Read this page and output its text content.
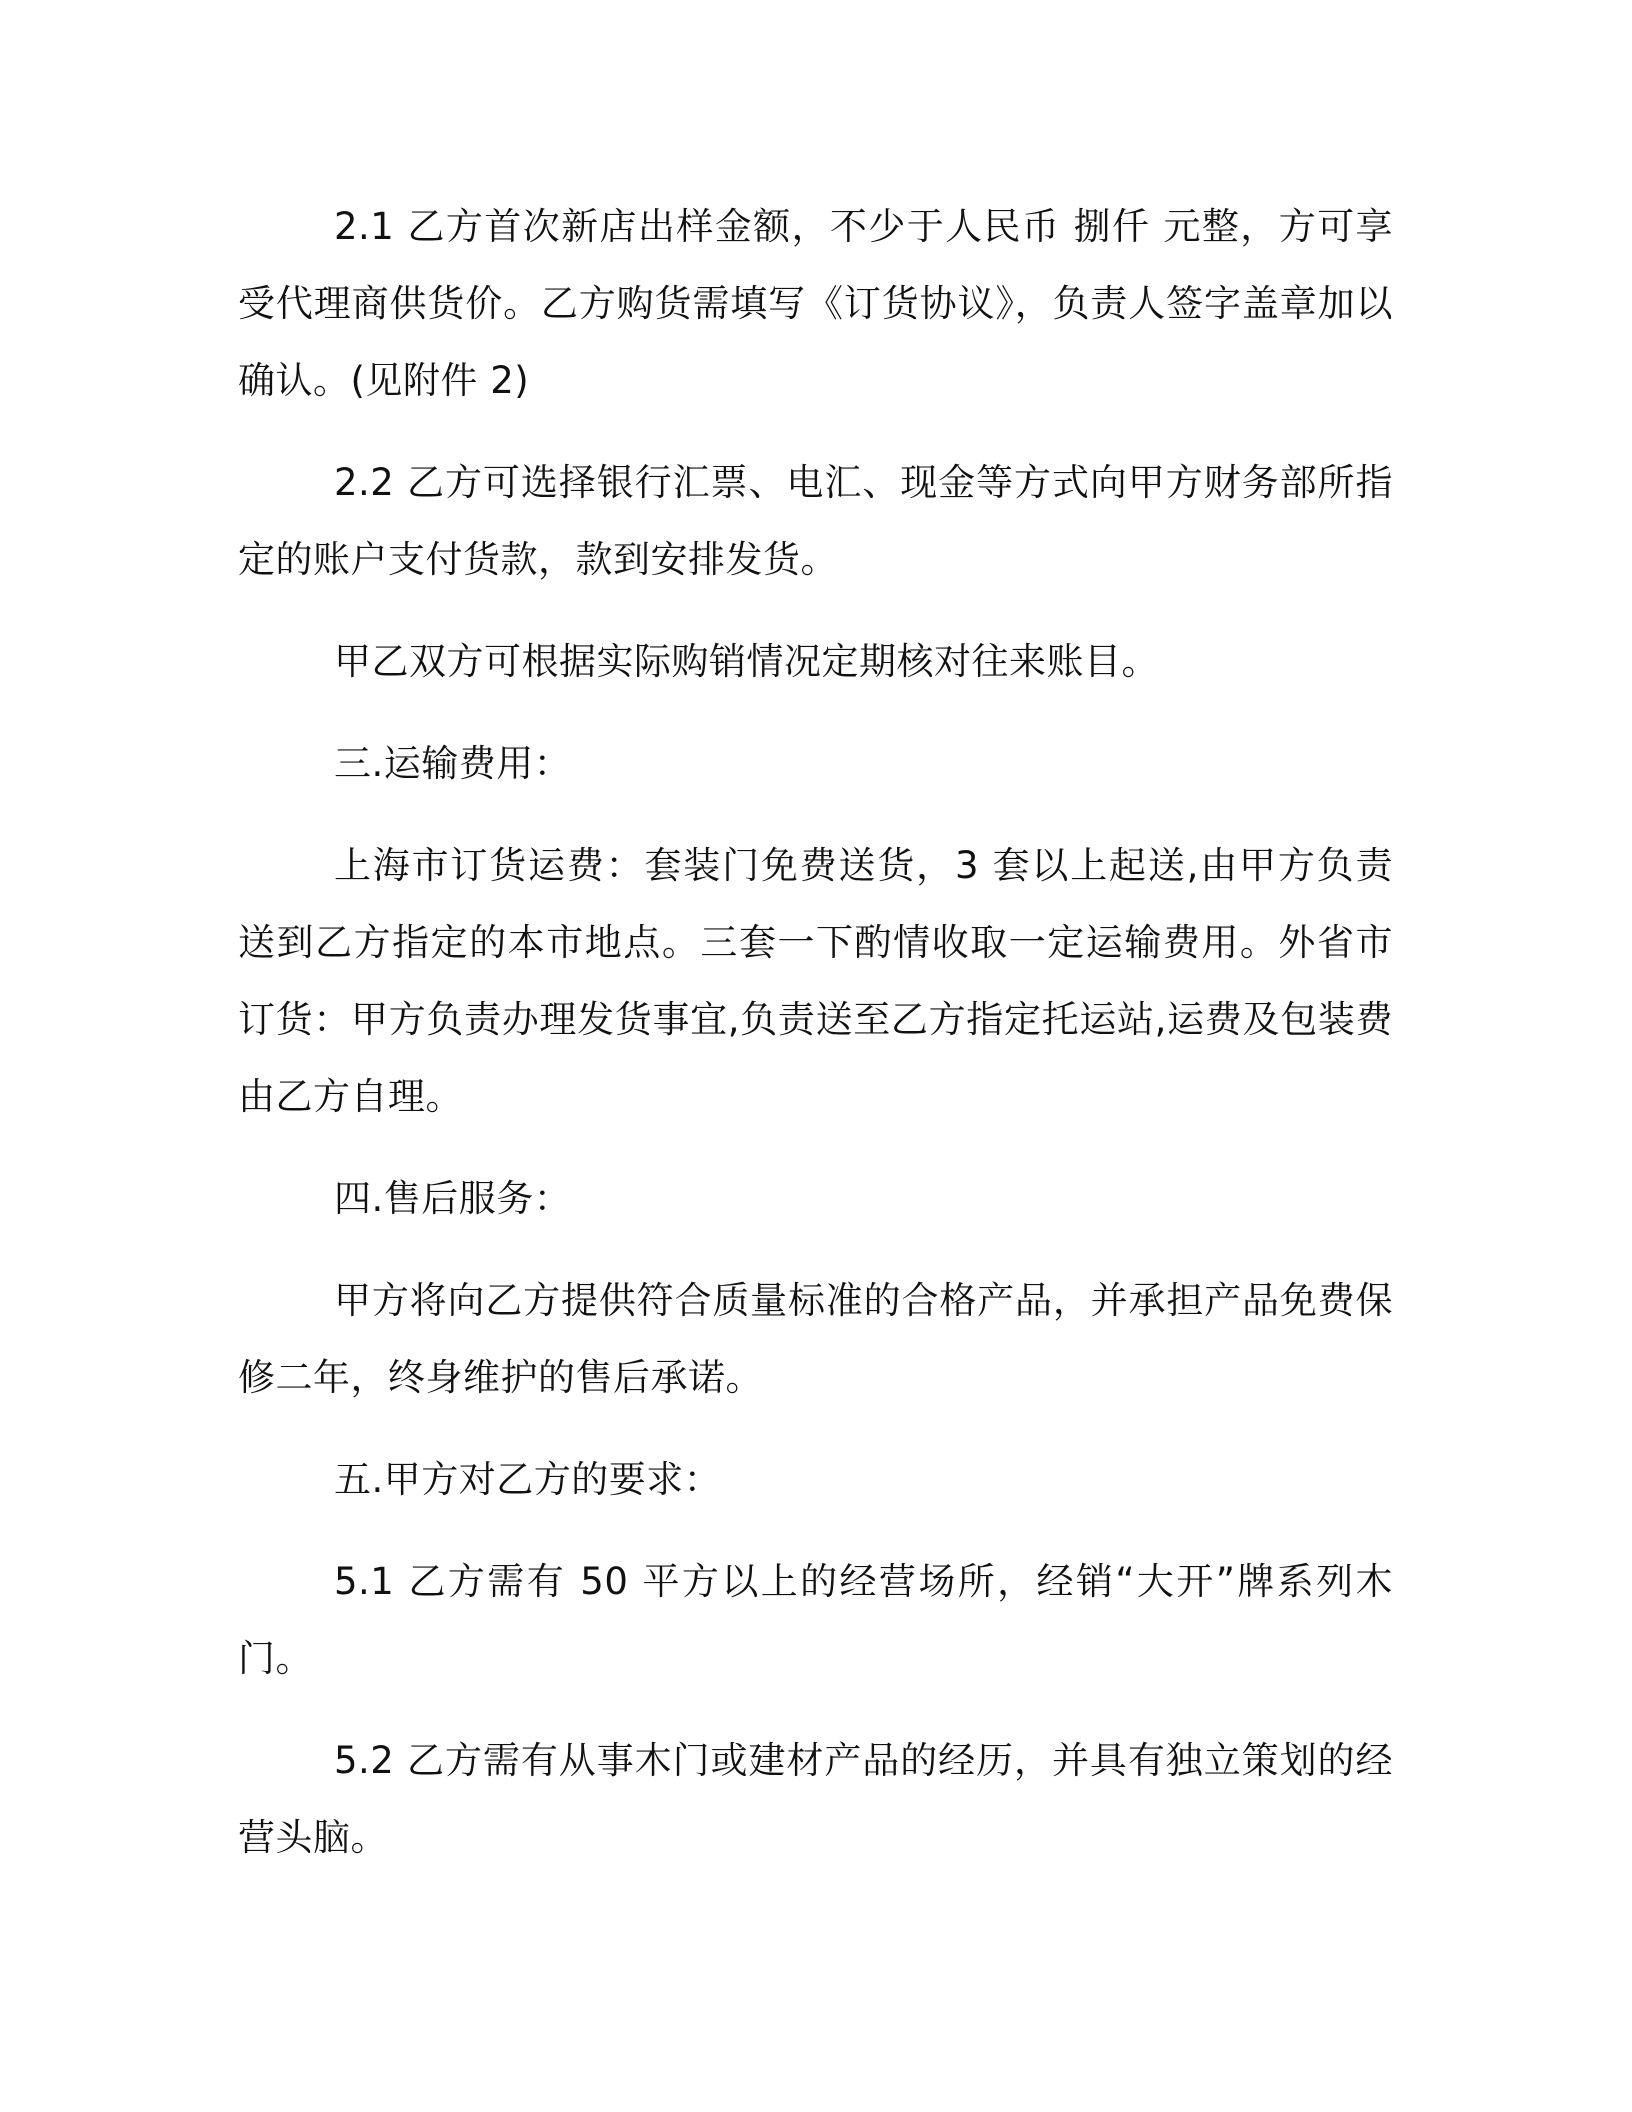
2.1 乙方首次新店出样金额，不少于人民币 捌仟 元整，方可享受代理商供货价。乙方购货需填写《订货协议》，负责人签字盖章加以确认。(见附件 2)

2.2 乙方可选择银行汇票、电汇、现金等方式向甲方财务部所指定的账户支付货款，款到安排发货。

甲乙双方可根据实际购销情况定期核对往来账目。

三.运输费用：

上海市订货运费：套装门免费送货，3 套以上起送,由甲方负责送到乙方指定的本市地点。三套一下酌情收取一定运输费用。外省市订货：甲方负责办理发货事宜,负责送至乙方指定托运站,运费及包装费由乙方自理。

四.售后服务：

甲方将向乙方提供符合质量标准的合格产品，并承担产品免费保修二年，终身维护的售后承诺。

五.甲方对乙方的要求：

5.1 乙方需有 50 平方以上的经营场所，经销“大开”牌系列木门。

5.2 乙方需有从事木门或建材产品的经历，并具有独立策划的经营头脑。
